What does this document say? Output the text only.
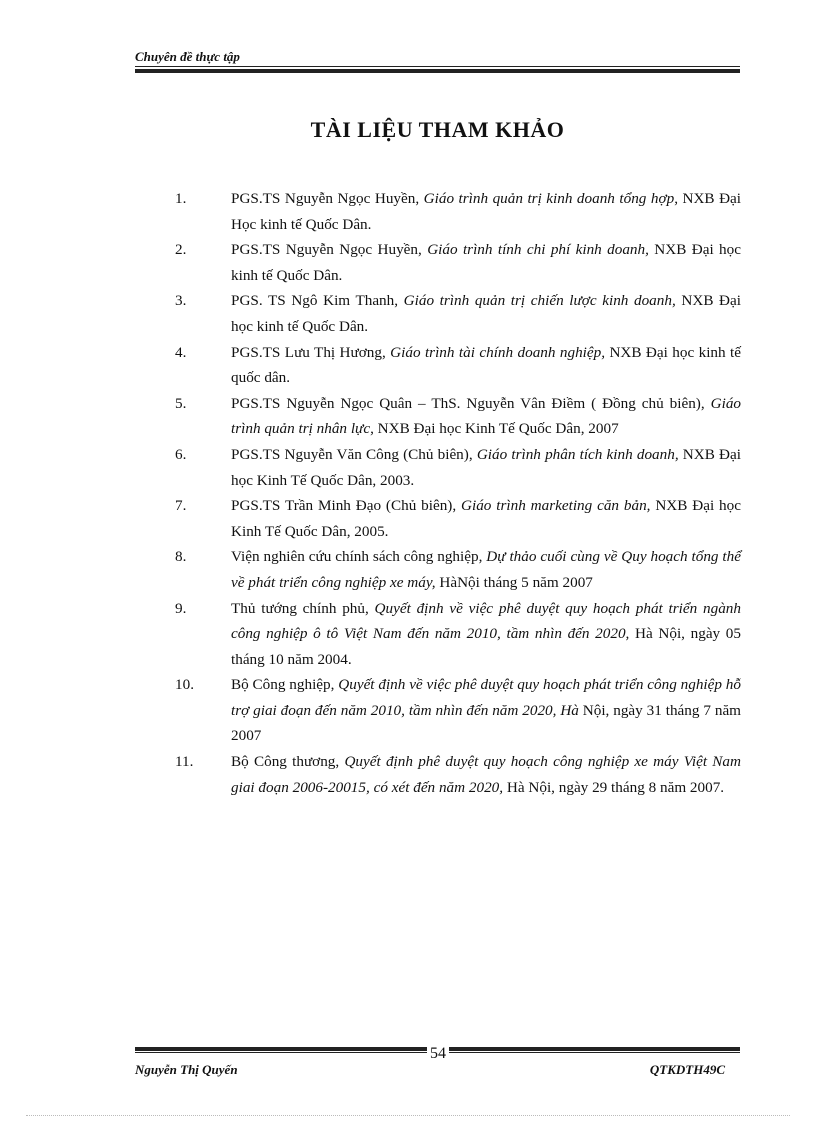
Chuyên đề thực tập
TÀI LIỆU THAM KHẢO
1.	PGS.TS Nguyễn Ngọc Huyền, Giáo trình quản trị kinh doanh tổng hợp, NXB Đại Học kinh tế Quốc Dân.
2.	PGS.TS Nguyễn Ngọc Huyền, Giáo trình tính chi phí kinh doanh, NXB Đại học kinh tế Quốc Dân.
3.	PGS. TS Ngô Kim Thanh, Giáo trình quản trị chiến lược kinh doanh, NXB Đại học kinh tế Quốc Dân.
4.	PGS.TS Lưu Thị Hương, Giáo trình tài chính doanh nghiệp, NXB Đại học kinh tế quốc dân.
5.	PGS.TS Nguyễn Ngọc Quân – ThS. Nguyễn Vân Điềm ( Đồng chủ biên), Giáo trình quản trị nhân lực, NXB Đại học Kinh Tế Quốc Dân, 2007
6.	PGS.TS Nguyễn Văn Công (Chủ biên), Giáo trình phân tích kinh doanh, NXB Đại học Kinh Tế Quốc Dân, 2003.
7.	PGS.TS Trần Minh Đạo (Chủ biên), Giáo trình marketing căn bản, NXB Đại học Kinh Tế Quốc Dân, 2005.
8.	Viện nghiên cứu chính sách công nghiệp, Dự thảo cuối cùng về Quy hoạch tổng thể về phát triển công nghiệp xe máy, HàNội tháng 5 năm 2007
9.	Thủ tướng chính phủ, Quyết định về việc phê duyệt quy hoạch phát triển ngành công nghiệp ô tô Việt Nam đến năm 2010, tầm nhìn đến 2020, Hà Nội, ngày 05 tháng 10 năm 2004.
10.	Bộ Công nghiệp, Quyết định về việc phê duyệt quy hoạch phát triển công nghiệp hỗ trợ giai đoạn đến năm 2010, tầm nhìn đến năm 2020, Hà Nội, ngày 31 tháng 7 năm 2007
11.	Bộ Công thương, Quyết định phê duyệt quy hoạch công nghiệp xe máy Việt Nam giai đoạn 2006-20015, có xét đến năm 2020, Hà Nội, ngày 29 tháng 8 năm 2007.
Nguyễn Thị Quyến
54
QTKDTH49C
